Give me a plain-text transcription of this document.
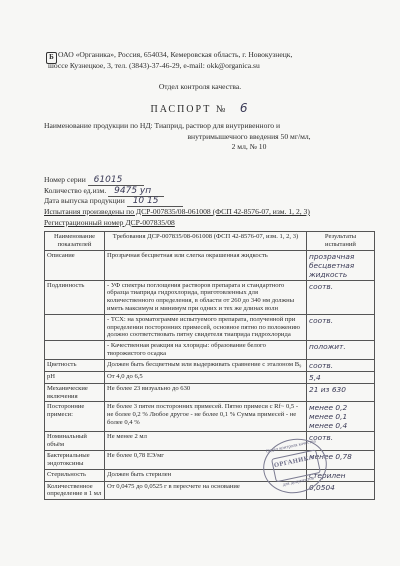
Б ОАО «Органика», Россия, 654034, Кемеровская область, г. Новокузнецк,
шоссе Кузнецкое, 3, тел. (3843)-37-46-29, e-mail: okk@organica.su
Отдел контроля качества.
ПАСПОРТ № 6
Наименование продукции по НД: Тиаприд, раствор для внутривенного и
внутримышечного введения 50 мг/мл,
2 мл, № 10
Номер серии 61015
Количество ед.изм. 9475 уп
Дата выпуска продукции 10 15
Испытания произведены по ДСР-007835/08-061008 (ФСП 42-8576-07, изм. 1, 2, 3)
Регистрационный номер ДСР-007835/08
Наименование показателей	Требования ДСР-007835/08-061008 (ФСП 42-8576-07, изм. 1, 2, 3)	Результаты испытаний
Описание	Прозрачная бесцветная или слегка окрашенная жидкость	прозрачная бесцветная жидкость
Подлинность	- УФ спектры поглощения растворов препарата и стандартного образца тиаприда гидрохлорида, приготовленных для количественного определения, в области от 260 до 340 нм должны иметь максимум и минимум при одних и тех же длинах волн	соотв.
	- ТСХ: на хроматограмме испытуемого препарата, полученной при определении посторонних примесей, основное пятно по положению должно соответствовать пятну свидетеля тиаприда гидрохлорида	соотв.
	- Качественная реакция на хлориды: образование белого творожистого осадка	положит.
Цветность	Должен быть бесцветным или выдерживать сравнение с эталоном B₉	соотв.
pH	От 4,0 до 6,5	5,4
Механические включения	Не более 23 визуально до 630	21 из 630
Посторонние примеси:	Не более 3 пятен посторонних примесей. Пятно примеси с Rf~ 0,5 - не более 0,2 % Любое другое - не более 0,1 % Сумма примесей - не более 0,4 %	менее 0,2 менее 0,1 менее 0,4
Номинальный объём	Не менее 2 мл	соотв.
Бактериальные эндотоксины	Не более 0,78 ЕЭ/мг	менее 0,78
Стерильность	Должен быть стерилен	стерилен
Количественное определение в 1 мл	От 0,0475 до 0,0525 г в пересчете на основание	0,0504
Отдел контроля качества
ОРГАНИКА
для документов
